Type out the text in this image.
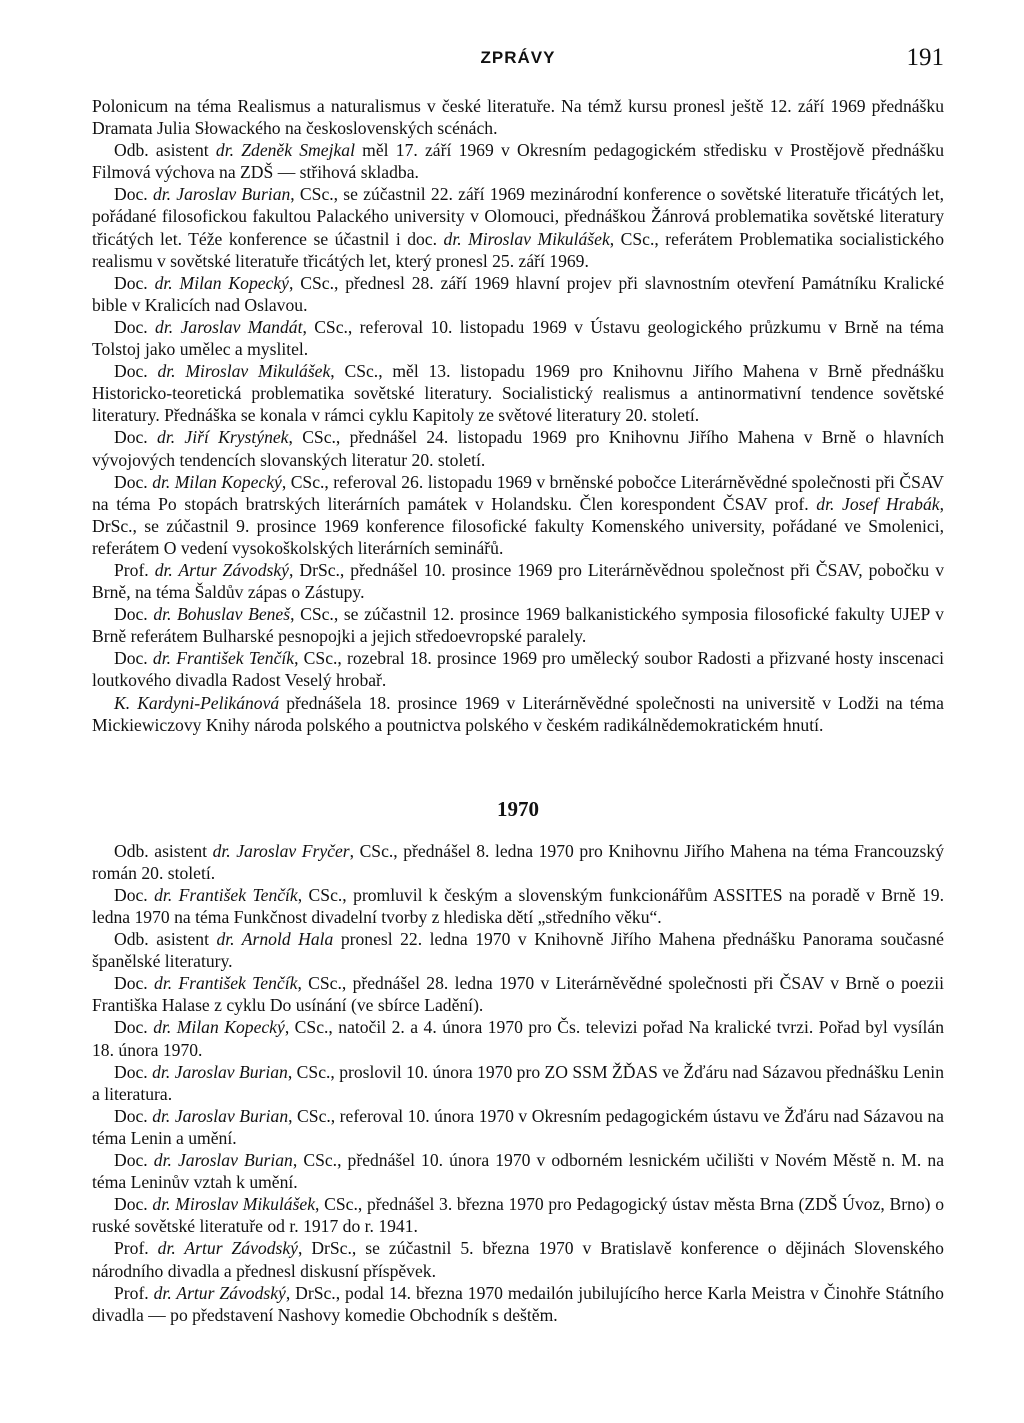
ZPRÁVY	191

Polonicum na téma Realismus a naturalismus v české literatuře. Na témž kursu pronesl ještě 12. září 1969 přednášku Dramata Julia Słowackého na československých scénách.

Odb. asistent dr. Zdeněk Smejkal měl 17. září 1969 v Okresním pedagogickém středisku v Prostějově přednášku Filmová výchova na ZDŠ — střihová skladba.

Doc. dr. Jaroslav Burian, CSc., se zúčastnil 22. září 1969 mezinárodní konference o sovětské literatuře třicátých let, pořádané filosofickou fakultou Palackého university v Olomouci, přednáškou Žánrová problematika sovětské literatury třicátých let. Téže konference se účastnil i doc. dr. Miroslav Mikulášek, CSc., referátem Problematika socialistického realismu v sovětské literatuře třicátých let, který pronesl 25. září 1969.

Doc. dr. Milan Kopecký, CSc., přednesl 28. září 1969 hlavní projev při slavnostním otevření Památníku Kralické bible v Kralicích nad Oslavou.

Doc. dr. Jaroslav Mandát, CSc., referoval 10. listopadu 1969 v Ústavu geologického průzkumu v Brně na téma Tolstoj jako umělec a myslitel.

Doc. dr. Miroslav Mikulášek, CSc., měl 13. listopadu 1969 pro Knihovnu Jiřího Mahena v Brně přednášku Historicko-teoretická problematika sovětské literatury. Socialistický realismus a antinormativní tendence sovětské literatury. Přednáška se konala v rámci cyklu Kapitoly ze světové literatury 20. století.

Doc. dr. Jiří Krystýnek, CSc., přednášel 24. listopadu 1969 pro Knihovnu Jiřího Mahena v Brně o hlavních vývojových tendencích slovanských literatur 20. století.

Doc. dr. Milan Kopecký, CSc., referoval 26. listopadu 1969 v brněnské pobočce Literárněvědné společnosti při ČSAV na téma Po stopách bratrských literárních památek v Holandsku. Člen korespondent ČSAV prof. dr. Josef Hrabák, DrSc., se zúčastnil 9. prosince 1969 konference filosofické fakulty Komenského university, pořádané ve Smolenici, referátem O vedení vysokoškolských literárních seminářů.

Prof. dr. Artur Závodský, DrSc., přednášel 10. prosince 1969 pro Literárněvědnou společnost při ČSAV, pobočku v Brně, na téma Šaldův zápas o Zástupy.

Doc. dr. Bohuslav Beneš, CSc., se zúčastnil 12. prosince 1969 balkanistického symposia filosofické fakulty UJEP v Brně referátem Bulharské pesnopojki a jejich středoevropské paralely.

Doc. dr. František Tenčík, CSc., rozebral 18. prosince 1969 pro umělecký soubor Radosti a přizvané hosty inscenaci loutkového divadla Radost Veselý hrobař.

K. Kardyni-Pelikánová přednášela 18. prosince 1969 v Literárněvědné společnosti na universitě v Lodži na téma Mickiewiczovy Knihy národa polského a poutnictva polského v českém radikálnědemokratickém hnutí.

1970

Odb. asistent dr. Jaroslav Fryčer, CSc., přednášel 8. ledna 1970 pro Knihovnu Jiřího Mahena na téma Francouzský román 20. století.

Doc. dr. František Tenčík, CSc., promluvil k českým a slovenským funkcionářům ASSITES na poradě v Brně 19. ledna 1970 na téma Funkčnost divadelní tvorby z hlediska dětí „středního věku“.

Odb. asistent dr. Arnold Hala pronesl 22. ledna 1970 v Knihovně Jiřího Mahena přednášku Panorama současné španělské literatury.

Doc. dr. František Tenčík, CSc., přednášel 28. ledna 1970 v Literárněvědné společnosti při ČSAV v Brně o poezii Františka Halase z cyklu Do usínání (ve sbírce Ladění).

Doc. dr. Milan Kopecký, CSc., natočil 2. a 4. února 1970 pro Čs. televizi pořad Na kralické tvrzi. Pořad byl vysílán 18. února 1970.

Doc. dr. Jaroslav Burian, CSc., proslovil 10. února 1970 pro ZO SSM ŽĎAS ve Žďáru nad Sázavou přednášku Lenin a literatura.

Doc. dr. Jaroslav Burian, CSc., referoval 10. února 1970 v Okresním pedagogickém ústavu ve Žďáru nad Sázavou na téma Lenin a umění.

Doc. dr. Jaroslav Burian, CSc., přednášel 10. února 1970 v odborném lesnickém učilišti v Novém Městě n. M. na téma Leninův vztah k umění.

Doc. dr. Miroslav Mikulášek, CSc., přednášel 3. března 1970 pro Pedagogický ústav města Brna (ZDŠ Úvoz, Brno) o ruské sovětské literatuře od r. 1917 do r. 1941.

Prof. dr. Artur Závodský, DrSc., se zúčastnil 5. března 1970 v Bratislavě konference o dějinách Slovenského národního divadla a přednesl diskusní příspěvek.

Prof. dr. Artur Závodský, DrSc., podal 14. března 1970 medailón jubilujícího herce Karla Meistra v Činohře Státního divadla — po představení Nashovy komedie Obchodník s deštěm.
